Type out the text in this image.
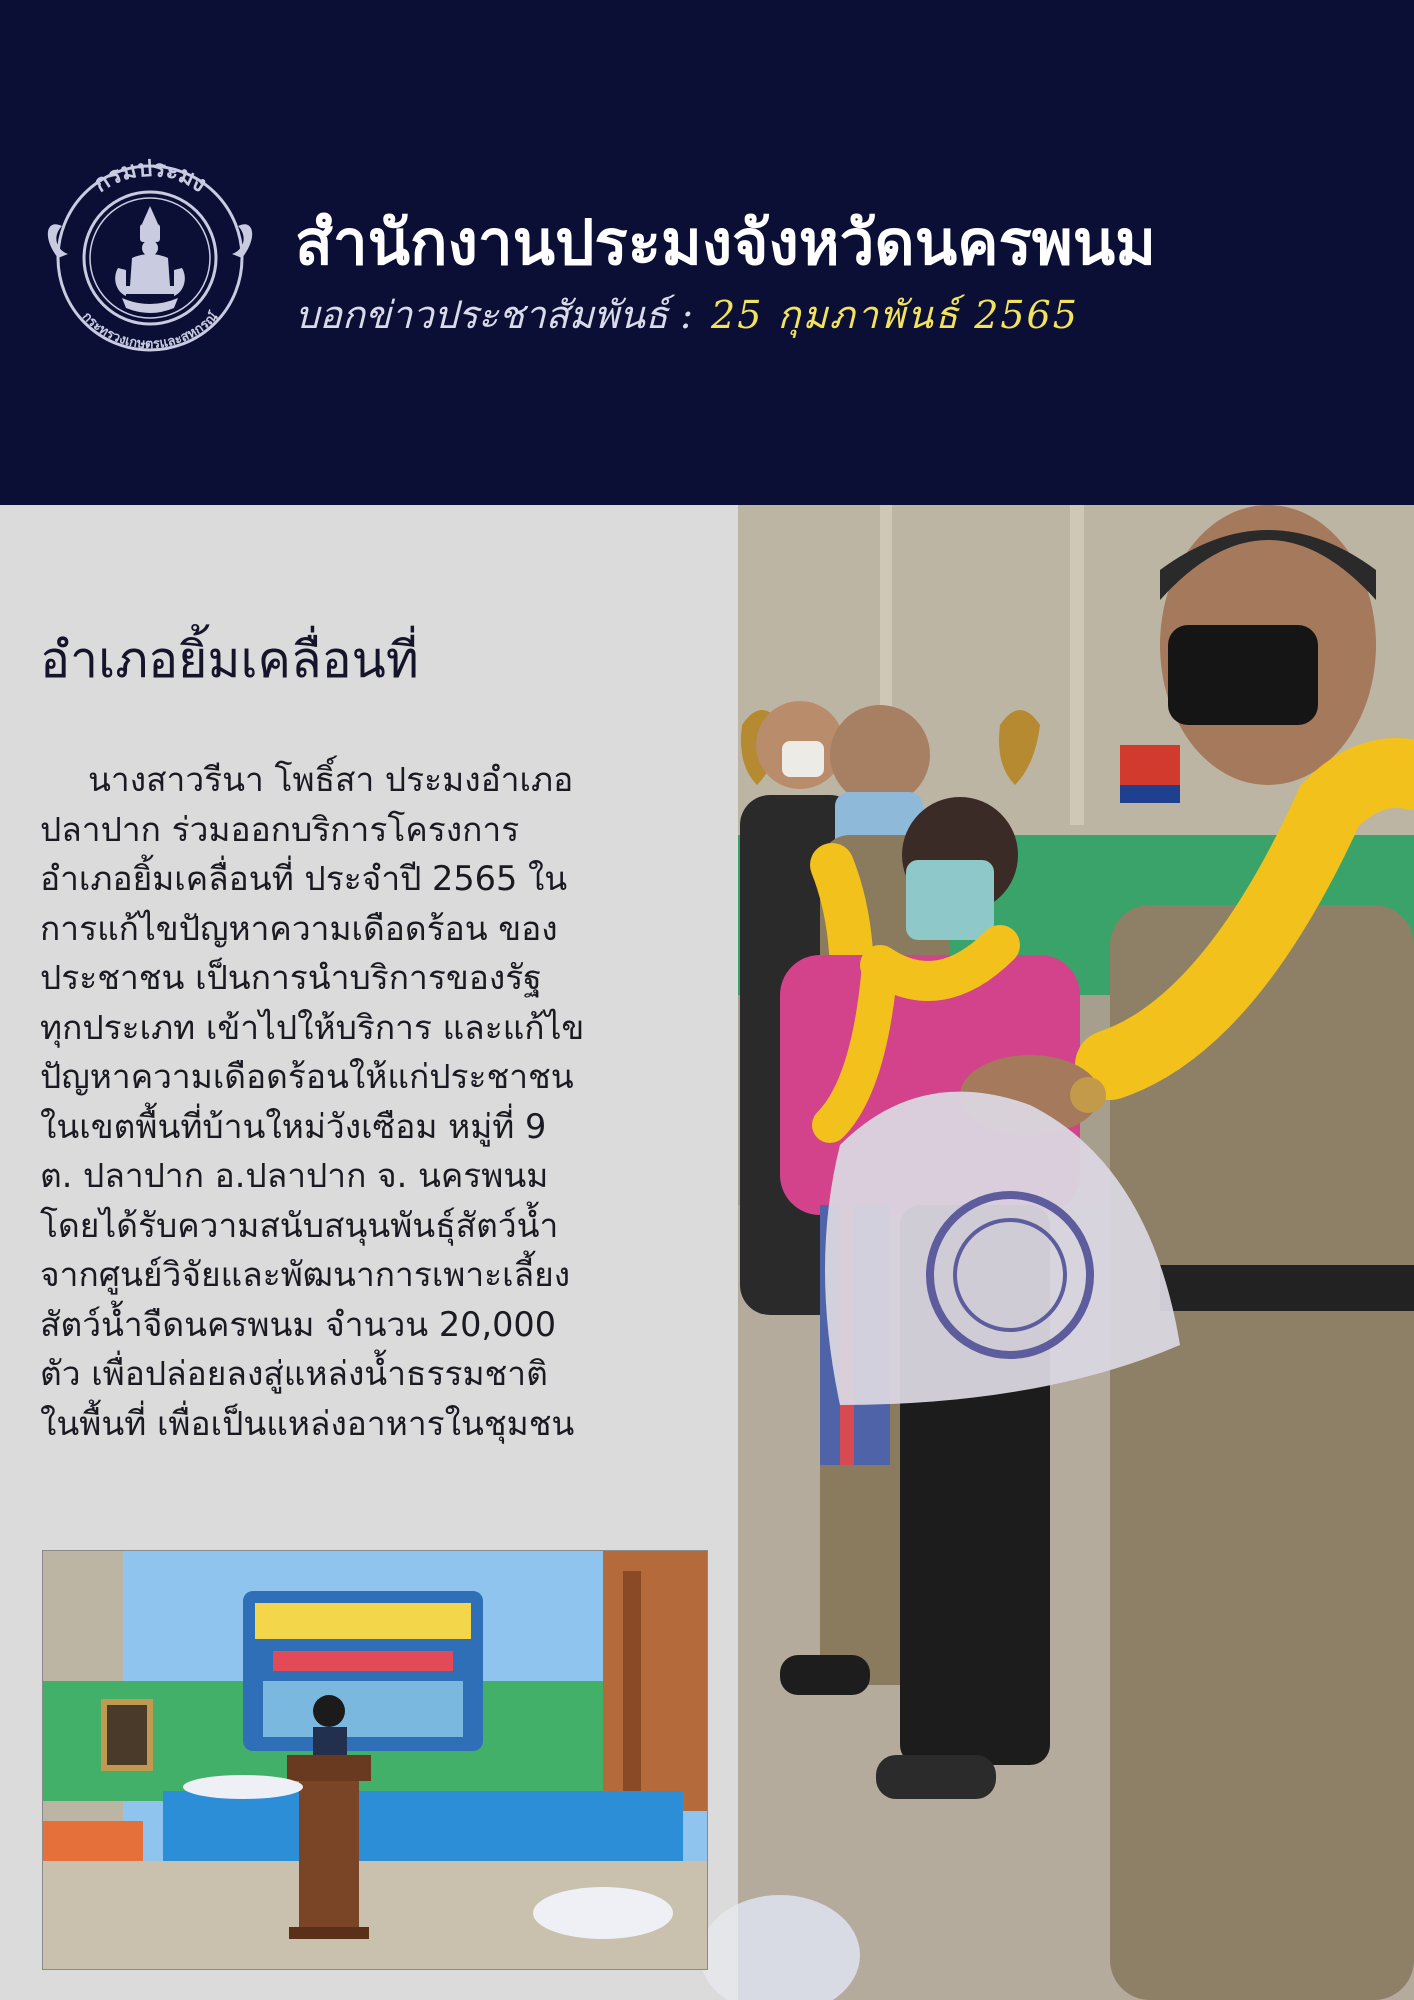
กรมประมง
กระทรวงเกษตรและสหกรณ์
สำนักงานประมงจังหวัดนครพนม
บอกข่าวประชาสัมพันธ์ : 25 กุมภาพันธ์ 2565
อำเภอยิ้มเคลื่อนที่
นางสาวรีนา โพธิ์สา ประมงอำเภอ
ปลาปาก ร่วมออกบริการโครงการ
อำเภอยิ้มเคลื่อนที่ ประจำปี 2565 ใน
การแก้ไขปัญหาความเดือดร้อน ของ
ประชาชน เป็นการนำบริการของรัฐ
ทุกประเภท เข้าไปให้บริการ และแก้ไข
ปัญหาความเดือดร้อนให้แก่ประชาชน
ในเขตพื้นที่บ้านใหม่วังเซือม หมู่ที่ 9
ต. ปลาปาก อ.ปลาปาก จ. นครพนม
โดยได้รับความสนับสนุนพันธุ์สัตว์น้ำ
จากศูนย์วิจัยและพัฒนาการเพาะเลี้ยง
สัตว์น้ำจืดนครพนม จำนวน 20,000
ตัว เพื่อปล่อยลงสู่แหล่งน้ำธรรมชาติ
ในพื้นที่ เพื่อเป็นแหล่งอาหารในชุมชน
